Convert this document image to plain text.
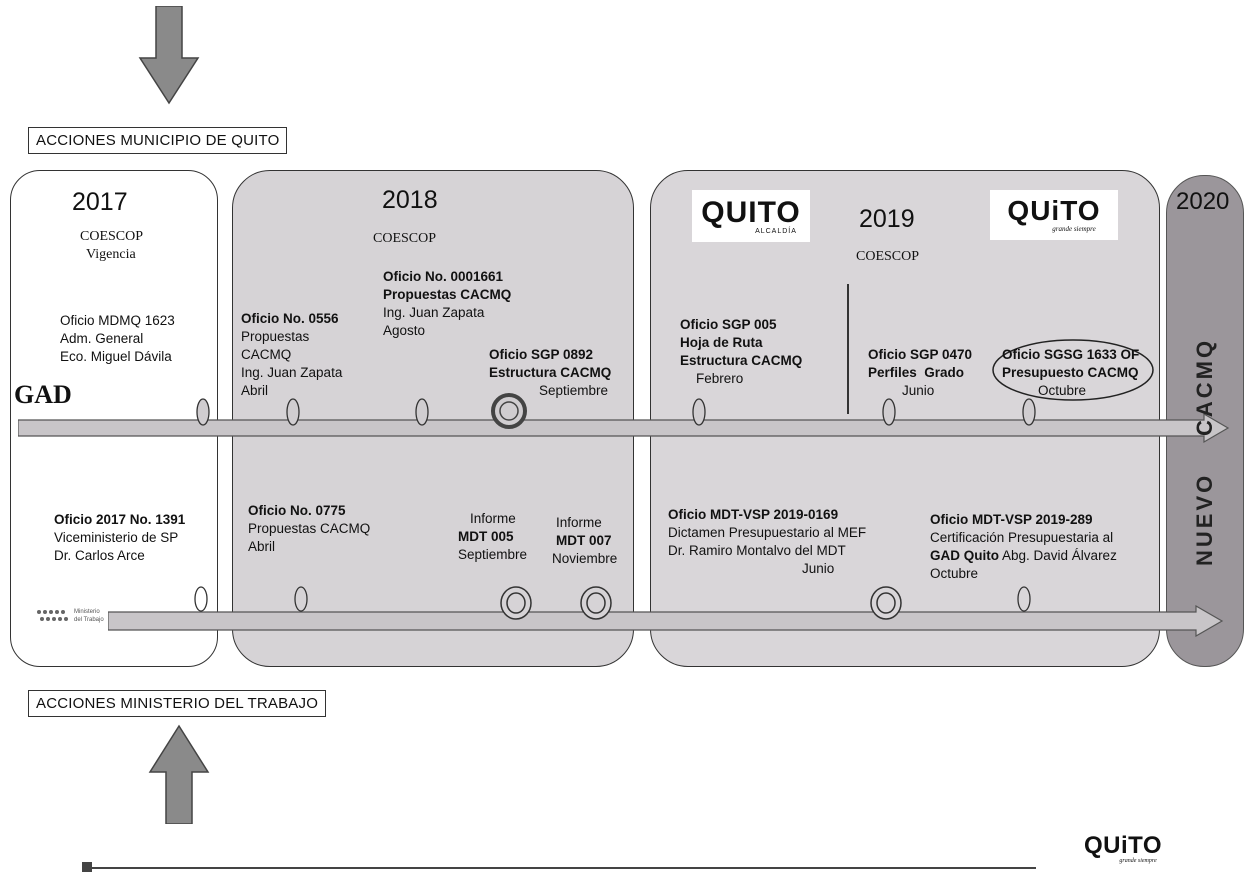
ACCIONES MUNICIPIO DE QUITO
2017
COESCOP
Vigencia
2018
COESCOP
2019
COESCOP
2020
QUITO
ALCALDÍA
QUiTO
grande siempre
GAD	CACMQ
NUEVO
Ministerio
del Trabajo
Oficio MDMQ 1623
Adm. General
Eco. Miguel Dávila
Oficio No. 0556
Propuestas
CACMQ
Ing. Juan Zapata
Abril
Oficio No. 0001661
Propuestas CACMQ
Ing. Juan Zapata
Agosto
Oficio SGP 0892
Estructura CACMQ
Septiembre
Oficio SGP 005
Hoja de Ruta
Estructura CACMQ
Febrero
Oficio SGP 0470
Perfiles  Grado
Junio
Oficio SGSG 1633 OF
Presupuesto CACMQ
Octubre
Oficio 2017 No. 1391
Viceministerio de SP
Dr. Carlos Arce
Oficio No. 0775
Propuestas CACMQ
Abril
Informe
MDT 005
Septiembre
Informe
MDT 007
Noviembre
Oficio MDT-VSP 2019-0169
Dictamen Presupuestario al MEF
Dr. Ramiro Montalvo del MDT
Junio
Oficio MDT-VSP 2019-289
Certificación Presupuestaria al
GAD Quito Abg. David Álvarez
Octubre
ACCIONES MINISTERIO DEL TRABAJO
QUiTO
grande siempre
